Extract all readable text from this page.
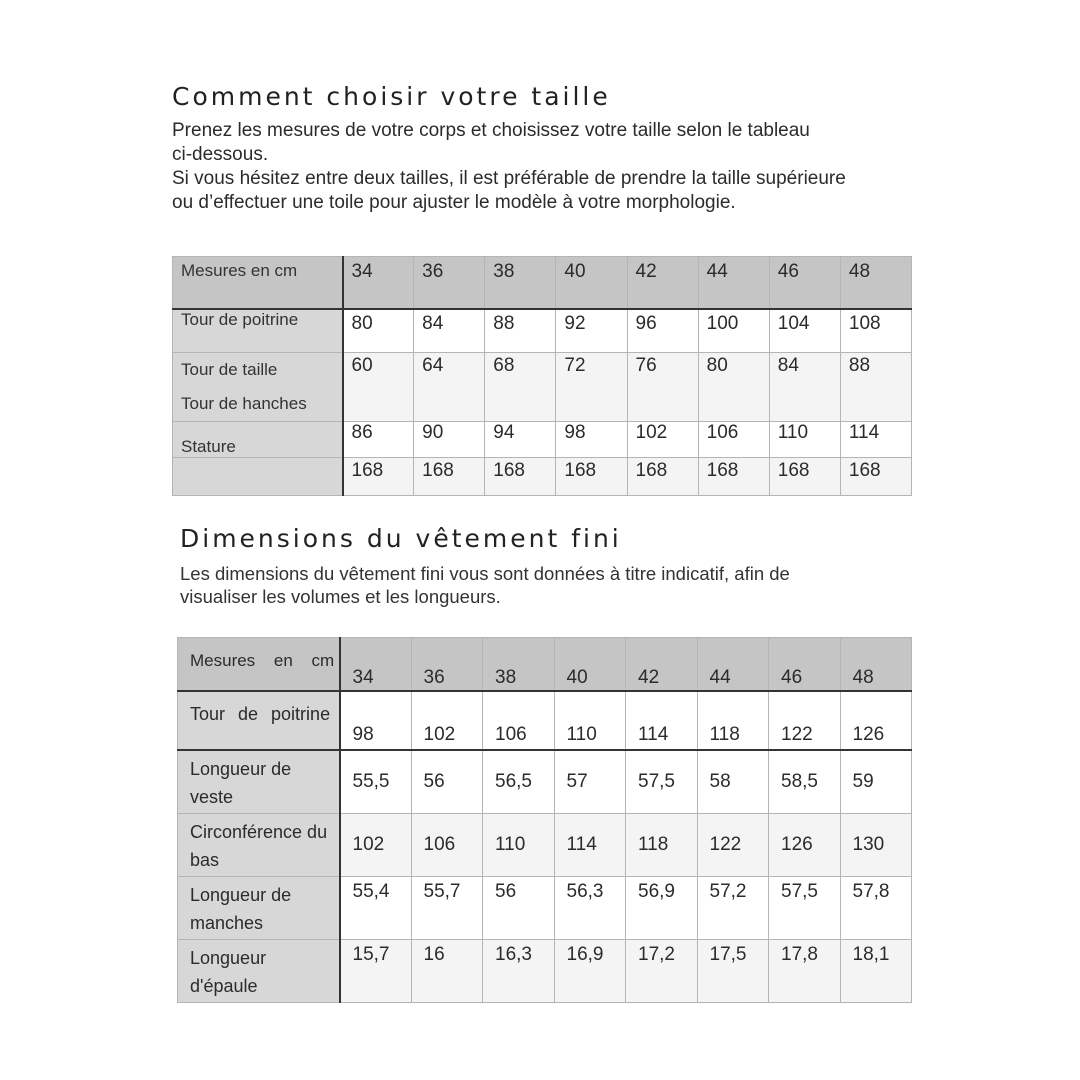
Comment choisir votre taille

Prenez les mesures de votre corps et choisissez votre taille selon le tableau
ci-dessous.
Si vous hésitez entre deux tailles, il est préférable de prendre la taille supérieure
ou d’effectuer une toile pour ajuster le modèle à votre morphologie.

Mesures en cm	34	36	38	40	42	44	46	48
Tour de poitrine	80	84	88	92	96	100	104	108
Tour de taille
Tour de hanches	60	64	68	72	76	80	84	88
Stature	86	90	94	98	102	106	110	114
	168	168	168	168	168	168	168	168
Dimensions du vêtement fini

Les dimensions du vêtement fini vous sont données à titre indicatif, afin de
visualiser les volumes et les longueurs.

Mesures en cm	34	36	38	40	42	44	46	48
Tour de poitrine	98	102	106	110	114	118	122	126
Longueur de
veste	55,5	56	56,5	57	57,5	58	58,5	59
Circonférence du
bas	102	106	110	114	118	122	126	130
Longueur de
manches	55,4	55,7	56	56,3	56,9	57,2	57,5	57,8
Longueur
d'épaule	15,7	16	16,3	16,9	17,2	17,5	17,8	18,1
